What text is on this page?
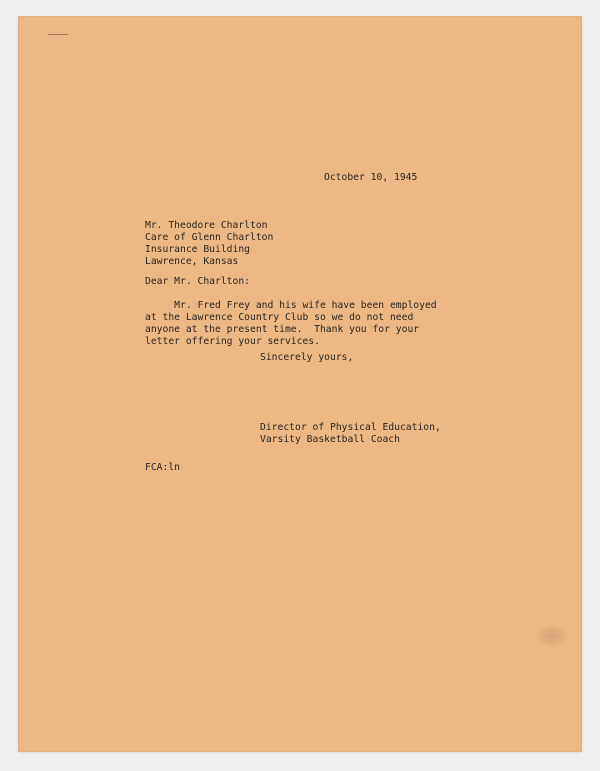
October 10, 1945

Mr. Theodore Charlton
Care of Glenn Charlton
Insurance Building
Lawrence, Kansas

Dear Mr. Charlton:

Mr. Fred Frey and his wife have been employed
at the Lawrence Country Club so we do not need
anyone at the present time.  Thank you for your
letter offering your services.

Sincerely yours,

Director of Physical Education,
Varsity Basketball Coach

FCA:ln
